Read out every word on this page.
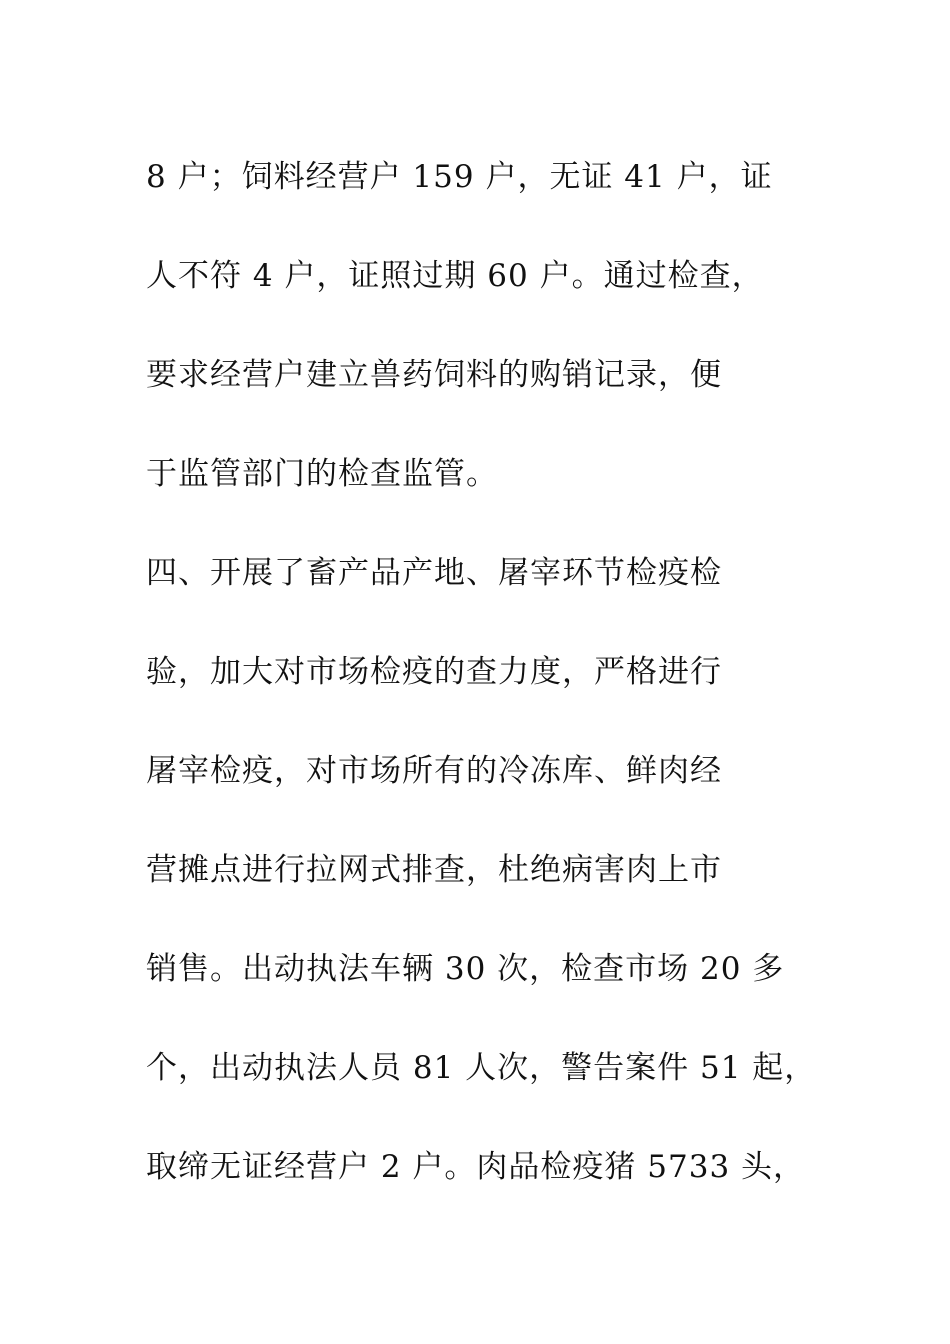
8 户；饲料经营户 159 户，无证 41 户，证
人不符 4 户，证照过期 60 户。通过检查，
要求经营户建立兽药饲料的购销记录，便
于监管部门的检查监管。
四、开展了畜产品产地、屠宰环节检疫检
验，加大对市场检疫的查力度，严格进行
屠宰检疫，对市场所有的冷冻库、鲜肉经
营摊点进行拉网式排查，杜绝病害肉上市
销售。出动执法车辆 30 次，检查市场 20 多
个，出动执法人员 81 人次，警告案件 51 起，
取缔无证经营户 2 户。肉品检疫猪 5733 头，
